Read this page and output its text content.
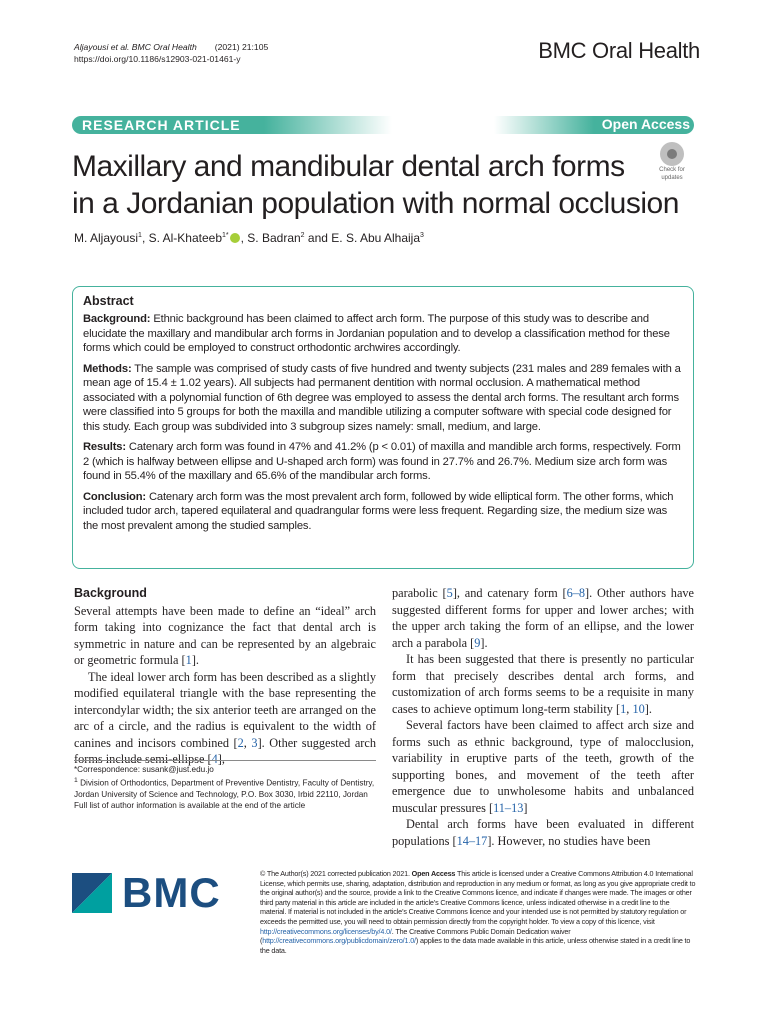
Aljayousi et al. BMC Oral Health (2021) 21:105
https://doi.org/10.1186/s12903-021-01461-y	BMC Oral Health
RESEARCH ARTICLE	Open Access
Maxillary and mandibular dental arch forms
in a Jordanian population with normal occlusion
Check for
updates
M. Aljayousi$^1$, S. Al-Khateeb$^{1*}$ , S. Badran$^2$ and E. S. Abu Alhaija$^3$
Abstract

Background: Ethnic background has been claimed to affect arch form. The purpose of this study was to describe and elucidate the maxillary and mandibular arch forms in Jordanian population and to develop a classification method for these forms which could be employed to construct orthodontic archwires accordingly.

Methods: The sample was comprised of study casts of five hundred and twenty subjects (231 males and 289 females with a mean age of 15.4 ± 1.02 years). All subjects had permanent dentition with normal occlusion. A mathematical method associated with a polynomial function of 6th degree was employed to assess the dental arch forms. The resultant arch forms were classified into 5 groups for both the maxilla and mandible utilizing a computer software with special code designed for this study. Each group was subdivided into 3 subgroup sizes namely: small, medium, and large.

Results: Catenary arch form was found in 47% and 41.2% (p ˂ 0.01) of maxilla and mandible arch forms, respectively. Form 2 (which is halfway between ellipse and U-shaped arch form) was found in 27.7% and 26.7%. Medium size arch form was found in 55.4% of the maxillary and 65.6% of the mandibular arch forms.

Conclusion: Catenary arch form was the most prevalent arch form, followed by wide elliptical form. The other forms, which included tudor arch, tapered equilateral and quadrangular forms were less frequent. Regarding size, the medium size was the most prevalent among the studied samples.

Background

Several attempts have been made to define an “ideal” arch form taking into cognizance the fact that dental arch is symmetric in nature and can be represented by an algebraic or geometric formula [1].

The ideal lower arch form has been described as a slightly modified equilateral triangle with the base representing the intercondylar width; the six anterior teeth are arranged on the arc of a circle, and the radius is equivalent to the width of canines and incisors combined [2, 3]. Other suggested arch forms include semi-ellipse [4],

parabolic [5], and catenary form [6–8]. Other authors have suggested different forms for upper and lower arches; with the upper arch taking the form of an ellipse, and the lower arch a parabola [9].

It has been suggested that there is presently no particular form that precisely describes dental arch forms, and customization of arch forms seems to be a requisite in many cases to achieve optimum long-term stability [1, 10].

Several factors have been claimed to affect arch size and forms such as ethnic background, type of malocclusion, variability in eruptive parts of the teeth, growth of the supporting bones, and movement of the teeth after emergence due to unwholesome habits and unbalanced muscular pressures [11–13]

Dental arch forms have been evaluated in different populations [14–17]. However, no studies have been

*Correspondence: susank@just.edu.jo
$^1$ Division of Orthodontics, Department of Preventive Dentistry, Faculty of Dentistry, Jordan University of Science and Technology, P.O. Box 3030, Irbid 22110, Jordan
Full list of author information is available at the end of the article
BMC	© The Author(s) 2021 corrected publication 2021. Open Access This article is licensed under a Creative Commons Attribution 4.0 International License, which permits use, sharing, adaptation, distribution and reproduction in any medium or format, as long as you give appropriate credit to the original author(s) and the source, provide a link to the Creative Commons licence, and indicate if changes were made. The images or other third party material in this article are included in the article’s Creative Commons licence, unless indicated otherwise in a credit line to the material. If material is not included in the article’s Creative Commons licence and your intended use is not permitted by statutory regulation or exceeds the permitted use, you will need to obtain permission directly from the copyright holder. To view a copy of this licence, visit http://creativecommons.org/licenses/by/4.0/. The Creative Commons Public Domain Dedication waiver (http://creativecommons.org/publicdomain/zero/1.0/) applies to the data made available in this article, unless otherwise stated in a credit line to the data.
